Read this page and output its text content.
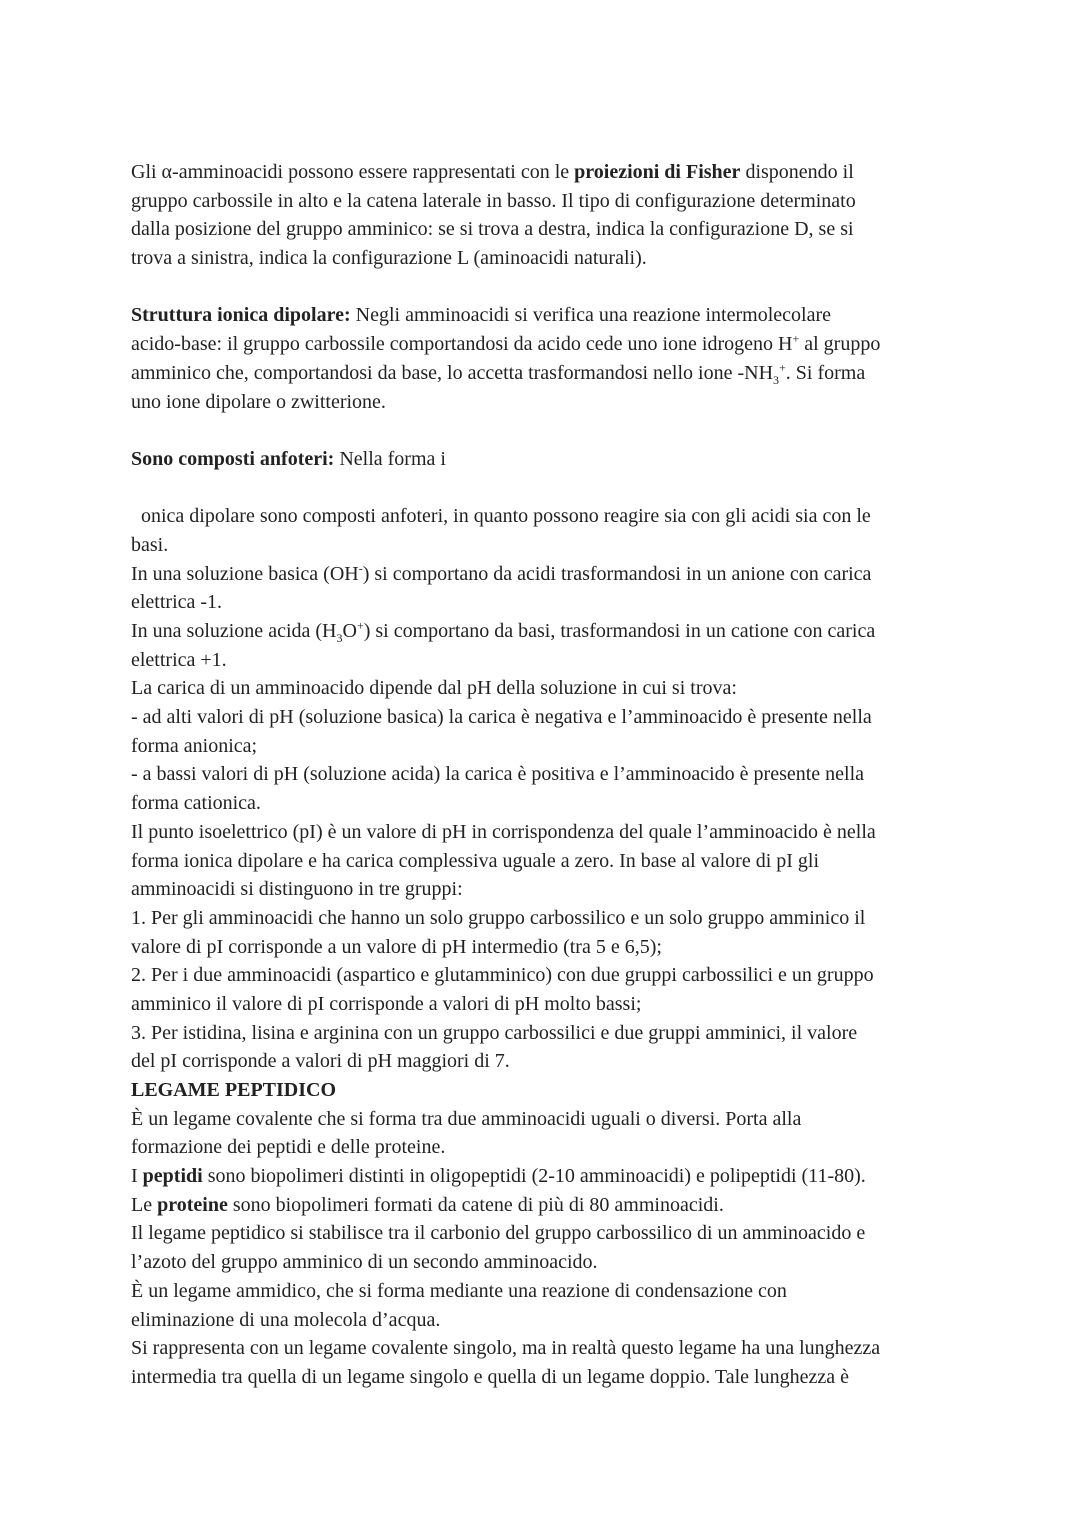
Gli α-amminoacidi possono essere rappresentati con le proiezioni di Fisher disponendo il
gruppo carbossile in alto e la catena laterale in basso. Il tipo di configurazione determinato
dalla posizione del gruppo amminico: se si trova a destra, indica la configurazione D, se si
trova a sinistra, indica la configurazione L (aminoacidi naturali).
Struttura ionica dipolare: Negli amminoacidi si verifica una reazione intermolecolare
acido-base: il gruppo carbossile comportandosi da acido cede uno ione idrogeno H+ al gruppo
amminico che, comportandosi da base, lo accetta trasformandosi nello ione $-NH_3^+$. Si forma
uno ione dipolare o zwitterione.
Sono composti anfoteri: Nella forma i
onica dipolare sono composti anfoteri, in quanto possono reagire sia con gli acidi sia con le
basi.
In una soluzione basica (OH-) si comportano da acidi trasformandosi in un anione con carica
elettrica -1.
In una soluzione acida $(H_3O^+)$ si comportano da basi, trasformandosi in un catione con carica
elettrica +1.
La carica di un amminoacido dipende dal pH della soluzione in cui si trova:
- ad alti valori di pH (soluzione basica) la carica è negativa e l’amminoacido è presente nella
forma anionica;
- a bassi valori di pH (soluzione acida) la carica è positiva e l’amminoacido è presente nella
forma cationica.
Il punto isoelettrico (pI) è un valore di pH in corrispondenza del quale l’amminoacido è nella
forma ionica dipolare e ha carica complessiva uguale a zero. In base al valore di pI gli
amminoacidi si distinguono in tre gruppi:
1. Per gli amminoacidi che hanno un solo gruppo carbossilico e un solo gruppo amminico il
valore di pI corrisponde a un valore di pH intermedio (tra 5 e 6,5);
2. Per i due amminoacidi (aspartico e glutamminico) con due gruppi carbossilici e un gruppo
amminico il valore di pI corrisponde a valori di pH molto bassi;
3. Per istidina, lisina e arginina con un gruppo carbossilici e due gruppi amminici, il valore
del pI corrisponde a valori di pH maggiori di 7.
LEGAME PEPTIDICO
È un legame covalente che si forma tra due amminoacidi uguali o diversi. Porta alla
formazione dei peptidi e delle proteine.
I peptidi sono biopolimeri distinti in oligopeptidi (2-10 amminoacidi) e polipeptidi (11-80).
Le proteine sono biopolimeri formati da catene di più di 80 amminoacidi.
Il legame peptidico si stabilisce tra il carbonio del gruppo carbossilico di un amminoacido e
l’azoto del gruppo amminico di un secondo amminoacido.
È un legame ammidico, che si forma mediante una reazione di condensazione con
eliminazione di una molecola d’acqua.
Si rappresenta con un legame covalente singolo, ma in realtà questo legame ha una lunghezza
intermedia tra quella di un legame singolo e quella di un legame doppio. Tale lunghezza è
